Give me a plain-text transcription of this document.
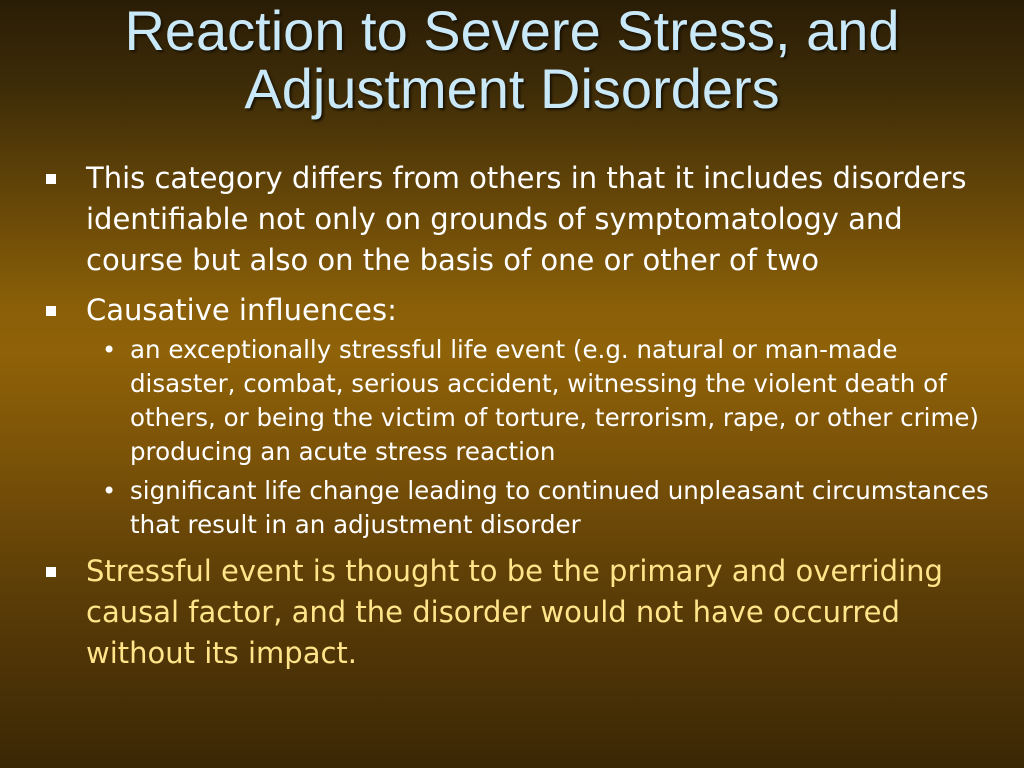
Reaction to Severe Stress, and Adjustment Disorders
This category differs from others in that it includes disorders identifiable not only on grounds of symptomatology and course but also on the basis of one or other of two
Causative influences:
• an exceptionally stressful life event (e.g. natural or man-made disaster, combat, serious accident, witnessing the violent death of others, or being the victim of torture, terrorism, rape, or other crime) producing an acute stress reaction
• significant life change leading to continued unpleasant circumstances that result in an adjustment disorder
Stressful event is thought to be the primary and overriding causal factor, and the disorder would not have occurred without its impact.
